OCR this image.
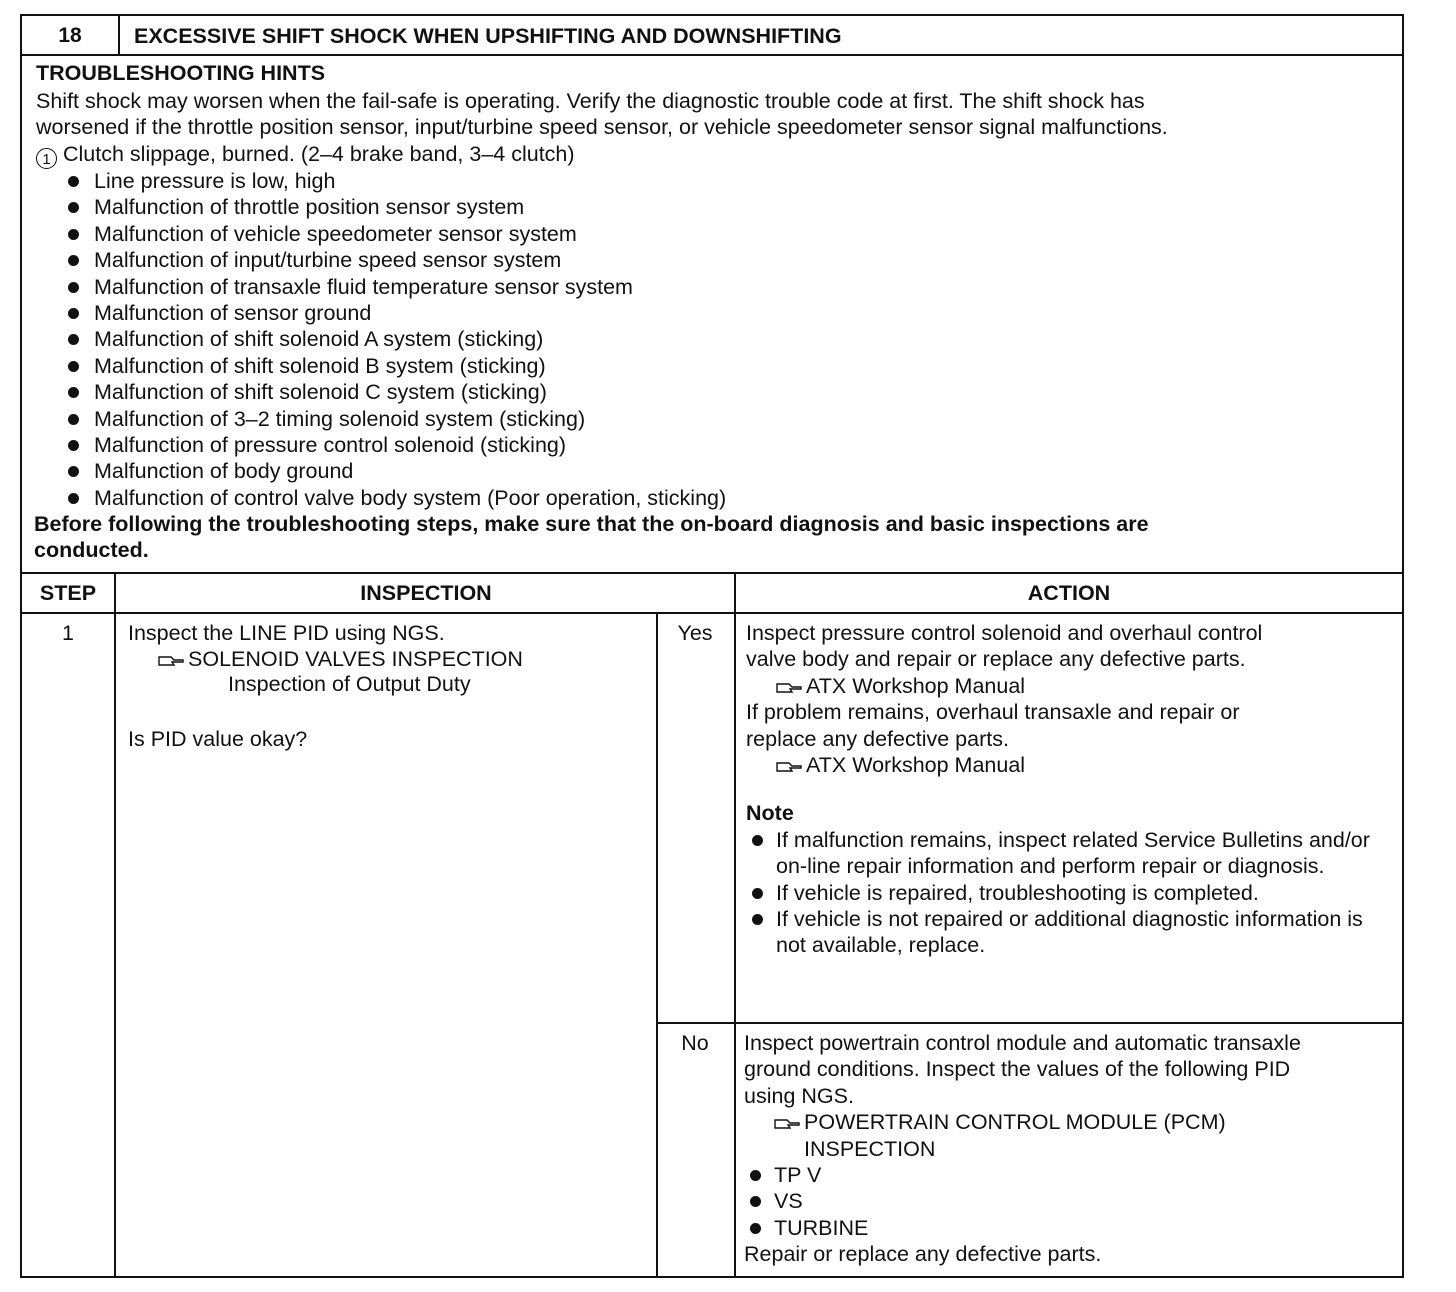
18	EXCESSIVE SHIFT SHOCK WHEN UPSHIFTING AND DOWNSHIFTING
TROUBLESHOOTING HINTS
Shift shock may worsen when the fail-safe is operating. Verify the diagnostic trouble code at first. The shift shock has
worsened if the throttle position sensor, input/turbine speed sensor, or vehicle speedometer sensor signal malfunctions.
1 Clutch slippage, burned. (2–4 brake band, 3–4 clutch)
Line pressure is low, high
Malfunction of throttle position sensor system
Malfunction of vehicle speedometer sensor system
Malfunction of input/turbine speed sensor system
Malfunction of transaxle fluid temperature sensor system
Malfunction of sensor ground
Malfunction of shift solenoid A system (sticking)
Malfunction of shift solenoid B system (sticking)
Malfunction of shift solenoid C system (sticking)
Malfunction of 3–2 timing solenoid system (sticking)
Malfunction of pressure control solenoid (sticking)
Malfunction of body ground
Malfunction of control valve body system (Poor operation, sticking)
Before following the troubleshooting steps, make sure that the on-board diagnosis and basic inspections are
conducted.
STEP	INSPECTION	ACTION
1	Inspect the LINE PID using NGS.

SOLENOID VALVES INSPECTION

Inspection of Output Duty

Is PID value okay?

Yes	Inspect pressure control solenoid and overhaul control

valve body and repair or replace any defective parts.

ATX Workshop Manual

If problem remains, overhaul transaxle and repair or

replace any defective parts.

ATX Workshop Manual

Note

If malfunction remains, inspect related Service Bulletins and/or on-line repair information and perform repair or diagnosis.
If vehicle is repaired, troubleshooting is completed.
If vehicle is not repaired or additional diagnostic information is not available, replace.
No	Inspect powertrain control module and automatic transaxle

ground conditions. Inspect the values of the following PID

using NGS.

POWERTRAIN CONTROL MODULE (PCM)

INSPECTION

TP V
VS
TURBINE

Repair or replace any defective parts.
